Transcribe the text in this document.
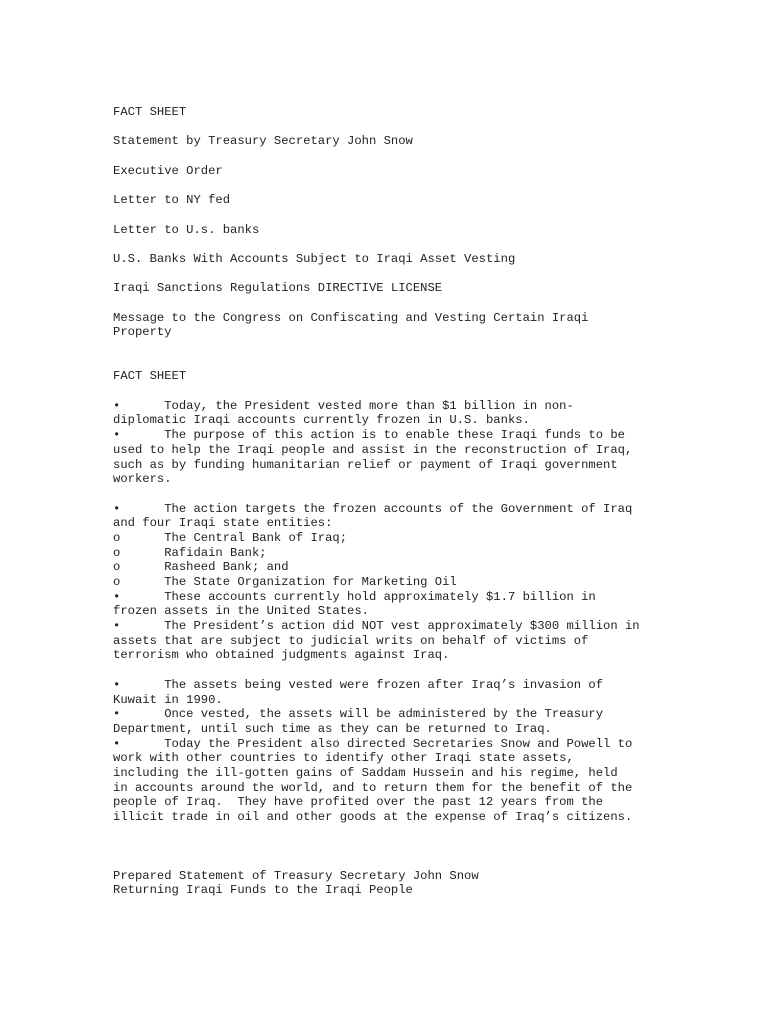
FACT SHEET
Statement by Treasury Secretary John Snow
Executive Order
Letter to NY fed
Letter to U.s. banks
U.S. Banks With Accounts Subject to Iraqi Asset Vesting
Iraqi Sanctions Regulations DIRECTIVE LICENSE
Message to the Congress on Confiscating and Vesting Certain Iraqi
Property
FACT SHEET
•      Today, the President vested more than $1 billion in non-
diplomatic Iraqi accounts currently frozen in U.S. banks.
•      The purpose of this action is to enable these Iraqi funds to be
used to help the Iraqi people and assist in the reconstruction of Iraq,
such as by funding humanitarian relief or payment of Iraqi government
workers.
•      The action targets the frozen accounts of the Government of Iraq
and four Iraqi state entities:
o      The Central Bank of Iraq;
o      Rafidain Bank;
o      Rasheed Bank; and
o      The State Organization for Marketing Oil
•      These accounts currently hold approximately $1.7 billion in
frozen assets in the United States.
•      The President’s action did NOT vest approximately $300 million in
assets that are subject to judicial writs on behalf of victims of
terrorism who obtained judgments against Iraq.
•      The assets being vested were frozen after Iraq’s invasion of
Kuwait in 1990.
•      Once vested, the assets will be administered by the Treasury
Department, until such time as they can be returned to Iraq.
•      Today the President also directed Secretaries Snow and Powell to
work with other countries to identify other Iraqi state assets,
including the ill-gotten gains of Saddam Hussein and his regime, held
in accounts around the world, and to return them for the benefit of the
people of Iraq.  They have profited over the past 12 years from the
illicit trade in oil and other goods at the expense of Iraq’s citizens.
Prepared Statement of Treasury Secretary John Snow
Returning Iraqi Funds to the Iraqi People
